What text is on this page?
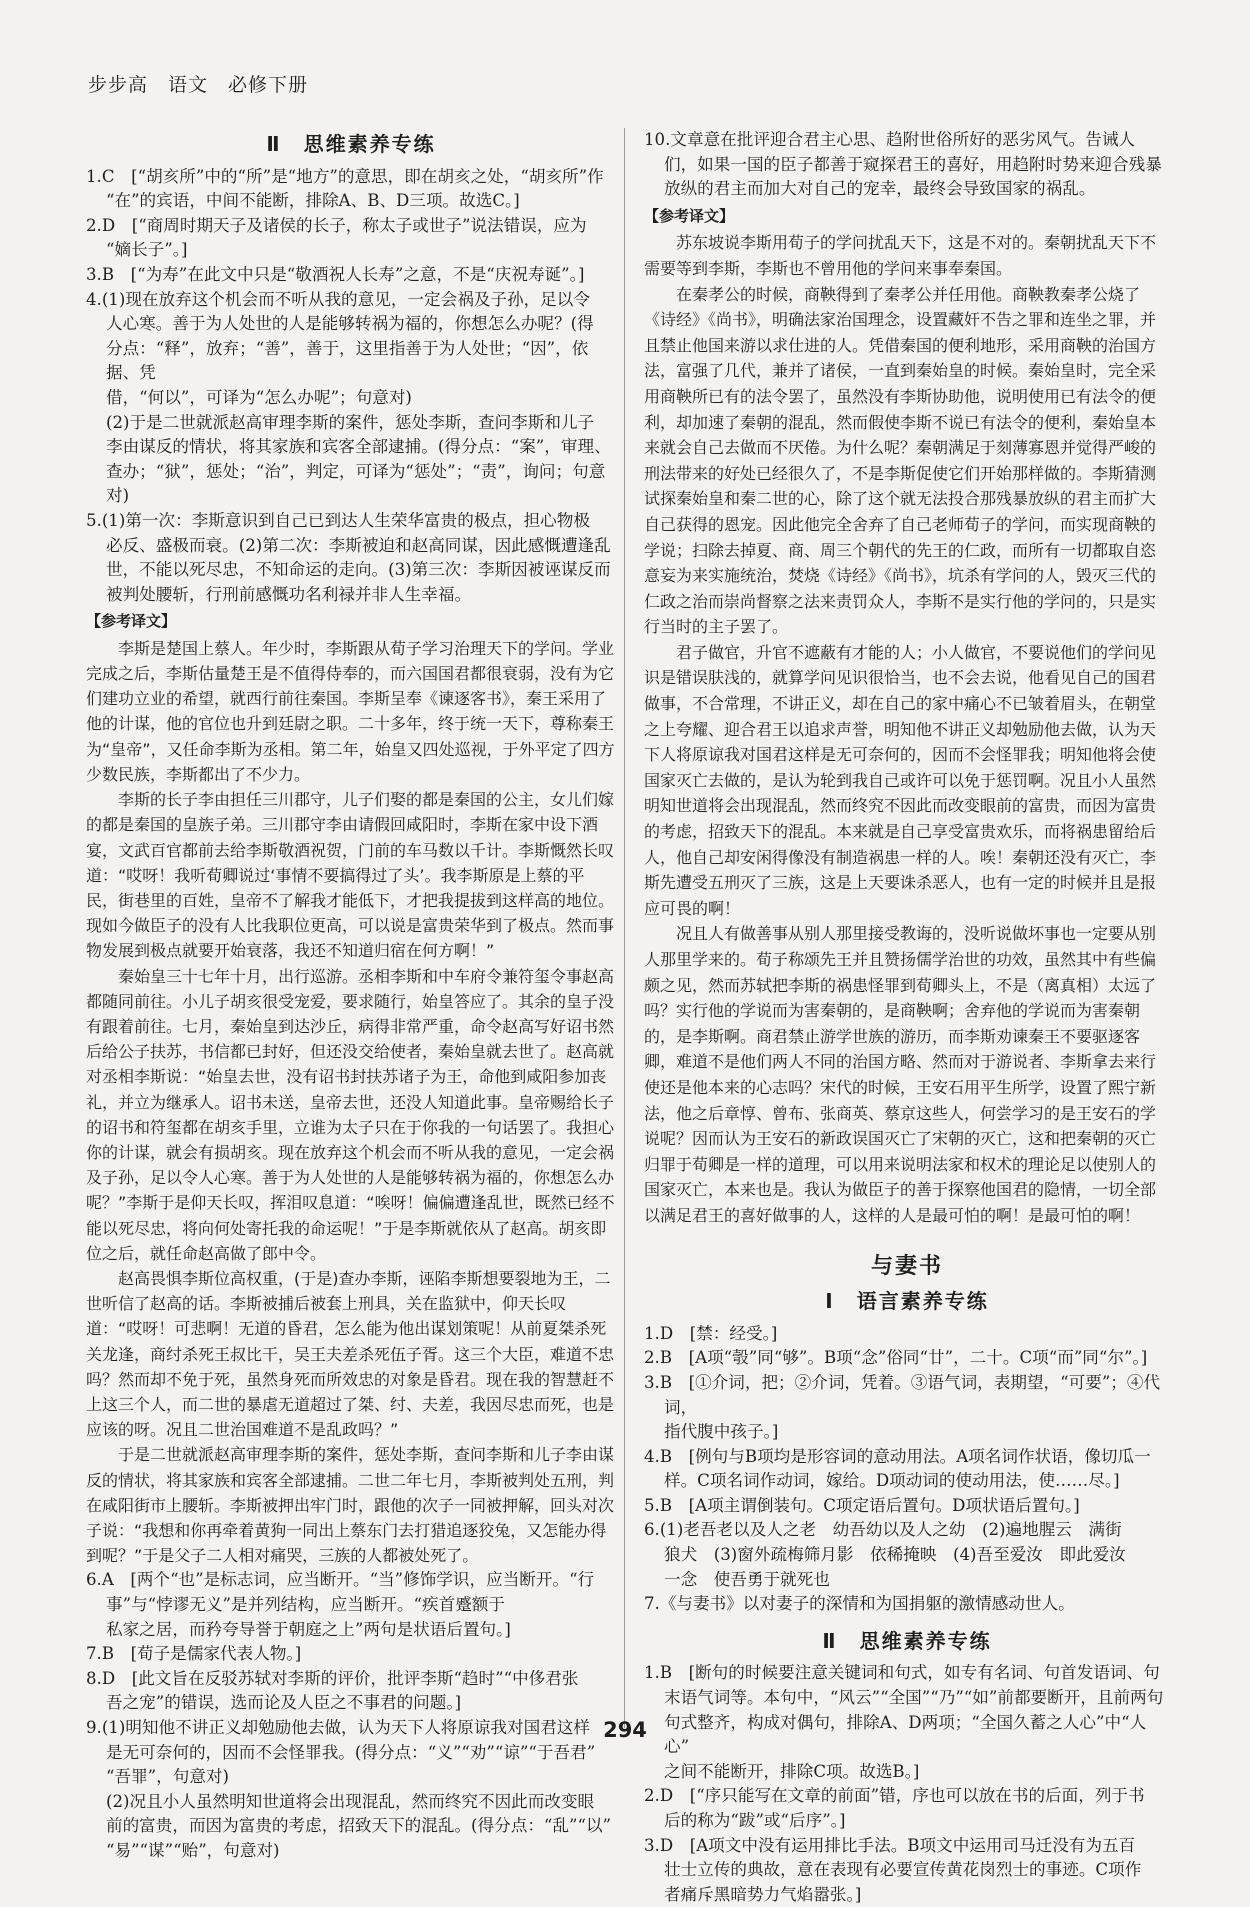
步步高　语文　必修下册
Ⅱ　思维素养专练
1.C　[“胡亥所”中的“所”是“地方”的意思，即在胡亥之处，“胡亥所”作
“在”的宾语，中间不能断，排除A、B、D三项。故选C。]
2.D　[“商周时期天子及诸侯的长子，称太子或世子”说法错误，应为
“嫡长子”。]
3.B　[“为寿”在此文中只是“敬酒祝人长寿”之意，不是“庆祝寿诞”。]
4.(1)现在放弃这个机会而不听从我的意见，一定会祸及子孙，足以令
人心寒。善于为人处世的人是能够转祸为福的，你想怎么办呢？(得
分点：“释”，放弃；“善”，善于，这里指善于为人处世；“因”，依据、凭
借，“何以”，可译为“怎么办呢”；句意对)
(2)于是二世就派赵高审理李斯的案件，惩处李斯，查问李斯和儿子
李由谋反的情状，将其家族和宾客全部逮捕。(得分点：“案”，审理、
查办；“狱”，惩处；“治”，判定，可译为“惩处”；“责”，询问；句意对)
5.(1)第一次：李斯意识到自己已到达人生荣华富贵的极点，担心物极
必反、盛极而衰。(2)第二次：李斯被迫和赵高同谋，因此感慨遭逢乱
世，不能以死尽忠，不知命运的走向。(3)第三次：李斯因被诬谋反而
被判处腰斩，行刑前感慨功名利禄并非人生幸福。
【参考译文】

李斯是楚国上蔡人。年少时，李斯跟从荀子学习治理天下的学问。学业完成之后，李斯估量楚王是不值得侍奉的，而六国国君都很衰弱，没有为它们建功立业的希望，就西行前往秦国。李斯呈奉《谏逐客书》，秦王采用了他的计谋，他的官位也升到廷尉之职。二十多年，终于统一天下，尊称秦王为“皇帝”，又任命李斯为丞相。第二年，始皇又四处巡视，于外平定了四方少数民族，李斯都出了不少力。

李斯的长子李由担任三川郡守，儿子们娶的都是秦国的公主，女儿们嫁的都是秦国的皇族子弟。三川郡守李由请假回咸阳时，李斯在家中设下酒宴，文武百官都前去给李斯敬酒祝贺，门前的车马数以千计。李斯慨然长叹道：“哎呀！我听荀卿说过‘事情不要搞得过了头’。我李斯原是上蔡的平民，街巷里的百姓，皇帝不了解我才能低下，才把我提拔到这样高的地位。现如今做臣子的没有人比我职位更高，可以说是富贵荣华到了极点。然而事物发展到极点就要开始衰落，我还不知道归宿在何方啊！”

秦始皇三十七年十月，出行巡游。丞相李斯和中车府令兼符玺令事赵高都随同前往。小儿子胡亥很受宠爱，要求随行，始皇答应了。其余的皇子没有跟着前往。七月，秦始皇到达沙丘，病得非常严重，命令赵高写好诏书然后给公子扶苏，书信都已封好，但还没交给使者，秦始皇就去世了。赵高就对丞相李斯说：“始皇去世，没有诏书封扶苏诸子为王，命他到咸阳参加丧礼，并立为继承人。诏书未送，皇帝去世，还没人知道此事。皇帝赐给长子的诏书和符玺都在胡亥手里，立谁为太子只在于你我的一句话罢了。我担心你的计谋，就会有损胡亥。现在放弃这个机会而不听从我的意见，一定会祸及子孙，足以令人心寒。善于为人处世的人是能够转祸为福的，你想怎么办呢？”李斯于是仰天长叹，挥泪叹息道：“唉呀！偏偏遭逢乱世，既然已经不能以死尽忠，将向何处寄托我的命运呢！”于是李斯就依从了赵高。胡亥即位之后，就任命赵高做了郎中令。

赵高畏惧李斯位高权重，(于是)查办李斯，诬陷李斯想要裂地为王，二世听信了赵高的话。李斯被捕后被套上刑具，关在监狱中，仰天长叹道：“哎呀！可悲啊！无道的昏君，怎么能为他出谋划策呢！从前夏桀杀死关龙逢，商纣杀死王叔比干，吴王夫差杀死伍子胥。这三个大臣，难道不忠吗？然而却不免于死，虽然身死而所效忠的对象是昏君。现在我的智慧赶不上这三个人，而二世的暴虐无道超过了桀、纣、夫差，我因尽忠而死，也是应该的呀。况且二世治国难道不是乱政吗？”

于是二世就派赵高审理李斯的案件，惩处李斯，查问李斯和儿子李由谋反的情状，将其家族和宾客全部逮捕。二世二年七月，李斯被判处五刑，判在咸阳街市上腰斩。李斯被押出牢门时，跟他的次子一同被押解，回头对次子说：“我想和你再牵着黄狗一同出上蔡东门去打猎追逐狡兔，又怎能办得到呢？”于是父子二人相对痛哭，三族的人都被处死了。

6.A　[两个“也”是标志词，应当断开。“当”修饰学识，应当断开。“行
事”与“悖谬无义”是并列结构，应当断开。“疾首蹙额于
私家之居，而矜夸导誉于朝庭之上”两句是状语后置句。]
7.B　[荀子是儒家代表人物。]
8.D　[此文旨在反驳苏轼对李斯的评价，批评李斯“趋时”“中侈君张
吾之宠”的错误，选而论及人臣之不事君的问题。]
9.(1)明知他不讲正义却勉励他去做，认为天下人将原谅我对国君这样
是无可奈何的，因而不会怪罪我。(得分点：“义”“劝”“谅”“于吾君”
“吾罪”，句意对)
(2)况且小人虽然明知世道将会出现混乱，然而终究不因此而改变眼
前的富贵，而因为富贵的考虑，招致天下的混乱。(得分点：“乱”“以”
“易”“谋”“贻”，句意对)
10.文章意在批评迎合君主心思、趋附世俗所好的恶劣风气。告诫人
们，如果一国的臣子都善于窥探君王的喜好，用趋附时势来迎合残暴
放纵的君主而加大对自己的宠幸，最终会导致国家的祸乱。
【参考译文】

苏东坡说李斯用荀子的学问扰乱天下，这是不对的。秦朝扰乱天下不需要等到李斯，李斯也不曾用他的学问来事奉秦国。

在秦孝公的时候，商鞅得到了秦孝公并任用他。商鞅教秦孝公烧了《诗经》《尚书》，明确法家治国理念，设置藏奸不告之罪和连坐之罪，并且禁止他国来游以求仕进的人。凭借秦国的便利地形，采用商鞅的治国方法，富强了几代，兼并了诸侯，一直到秦始皇的时候。秦始皇时，完全采用商鞅所已有的法令罢了，虽然没有李斯协助他，说明使用已有法令的便利，却加速了秦朝的混乱，然而假使李斯不说已有法令的便利，秦始皇本来就会自己去做而不厌倦。为什么呢？秦朝满足于刻薄寡恩并觉得严峻的刑法带来的好处已经很久了，不是李斯促使它们开始那样做的。李斯猜测试探秦始皇和秦二世的心，除了这个就无法投合那残暴放纵的君主而扩大自己获得的恩宠。因此他完全舍弃了自己老师荀子的学问，而实现商鞅的学说；扫除去掉夏、商、周三个朝代的先王的仁政，而所有一切都取自恣意妄为来实施统治，焚烧《诗经》《尚书》，坑杀有学问的人，毁灭三代的仁政之治而崇尚督察之法来责罚众人，李斯不是实行他的学问的，只是实行当时的主子罢了。

君子做官，升官不遮蔽有才能的人；小人做官，不要说他们的学问见识是错误肤浅的，就算学问见识很恰当，也不会去说，他看见自己的国君做事，不合常理，不讲正义，却在自己的家中痛心不已皱着眉头，在朝堂之上夸耀、迎合君王以追求声誉，明知他不讲正义却勉励他去做，认为天下人将原谅我对国君这样是无可奈何的，因而不会怪罪我；明知他将会使国家灭亡去做的，是认为轮到我自己或许可以免于惩罚啊。况且小人虽然明知世道将会出现混乱，然而终究不因此而改变眼前的富贵，而因为富贵的考虑，招致天下的混乱。本来就是自己享受富贵欢乐，而将祸患留给后人，他自己却安闲得像没有制造祸患一样的人。唉！秦朝还没有灭亡，李斯先遭受五刑灭了三族，这是上天要诛杀恶人，也有一定的时候并且是报应可畏的啊！

况且人有做善事从别人那里接受教诲的，没听说做坏事也一定要从别人那里学来的。荀子称颂先王并且赞扬儒学治世的功效，虽然其中有些偏颇之见，然而苏轼把李斯的祸患怪罪到荀卿头上，不是（离真相）太远了吗？实行他的学说而为害秦朝的，是商鞅啊；舍弃他的学说而为害秦朝的，是李斯啊。商君禁止游学世族的游历，而李斯劝谏秦王不要驱逐客卿，难道不是他们两人不同的治国方略、然而对于游说者、李斯拿去来行使还是他本来的心志吗？宋代的时候，王安石用平生所学，设置了熙宁新法，他之后章惇、曾布、张商英、蔡京这些人，何尝学习的是王安石的学说呢？因而认为王安石的新政误国灭亡了宋朝的灭亡，这和把秦朝的灭亡归罪于荀卿是一样的道理，可以用来说明法家和权术的理论足以使别人的国家灭亡，本来也是。我认为做臣子的善于探察他国君的隐情，一切全部以满足君王的喜好做事的人，这样的人是最可怕的啊！是最可怕的啊！

与妻书
Ⅰ　语言素养专练
1.D　[禁：经受。]
2.B　[A项“彀”同“够”。B项“念”俗同“廿”，二十。C项“而”同“尔”。]
3.B　[①介词，把；②介词，凭着。③语气词，表期望，“可要”；④代词，
指代腹中孩子。]
4.B　[例句与B项均是形容词的意动用法。A项名词作状语，像切瓜一
样。C项名词作动词，嫁给。D项动词的使动用法，使……尽。]
5.B　[A项主谓倒装句。C项定语后置句。D项状语后置句。]
6.(1)老吾老以及人之老　幼吾幼以及人之幼　(2)遍地腥云　满街
狼犬　(3)窗外疏梅筛月影　依稀掩映　(4)吾至爱汝　即此爱汝
一念　使吾勇于就死也
7.《与妻书》以对妻子的深情和为国捐躯的激情感动世人。
Ⅱ　思维素养专练
1.B　[断句的时候要注意关键词和句式，如专有名词、句首发语词、句
末语气词等。本句中，“风云”“全国”“乃”“如”前都要断开，且前两句
句式整齐，构成对偶句，排除A、D两项；“全国久蓄之人心”中“人心”
之间不能断开，排除C项。故选B。]
2.D　[“序只能写在文章的前面”错，序也可以放在书的后面，列于书
后的称为“跋”或“后序”。]
3.D　[A项文中没有运用排比手法。B项文中运用司马迁没有为五百
壮士立传的典故，意在表现有必要宣传黄花岗烈士的事迹。C项作
者痛斥黑暗势力气焰嚣张。]
294
